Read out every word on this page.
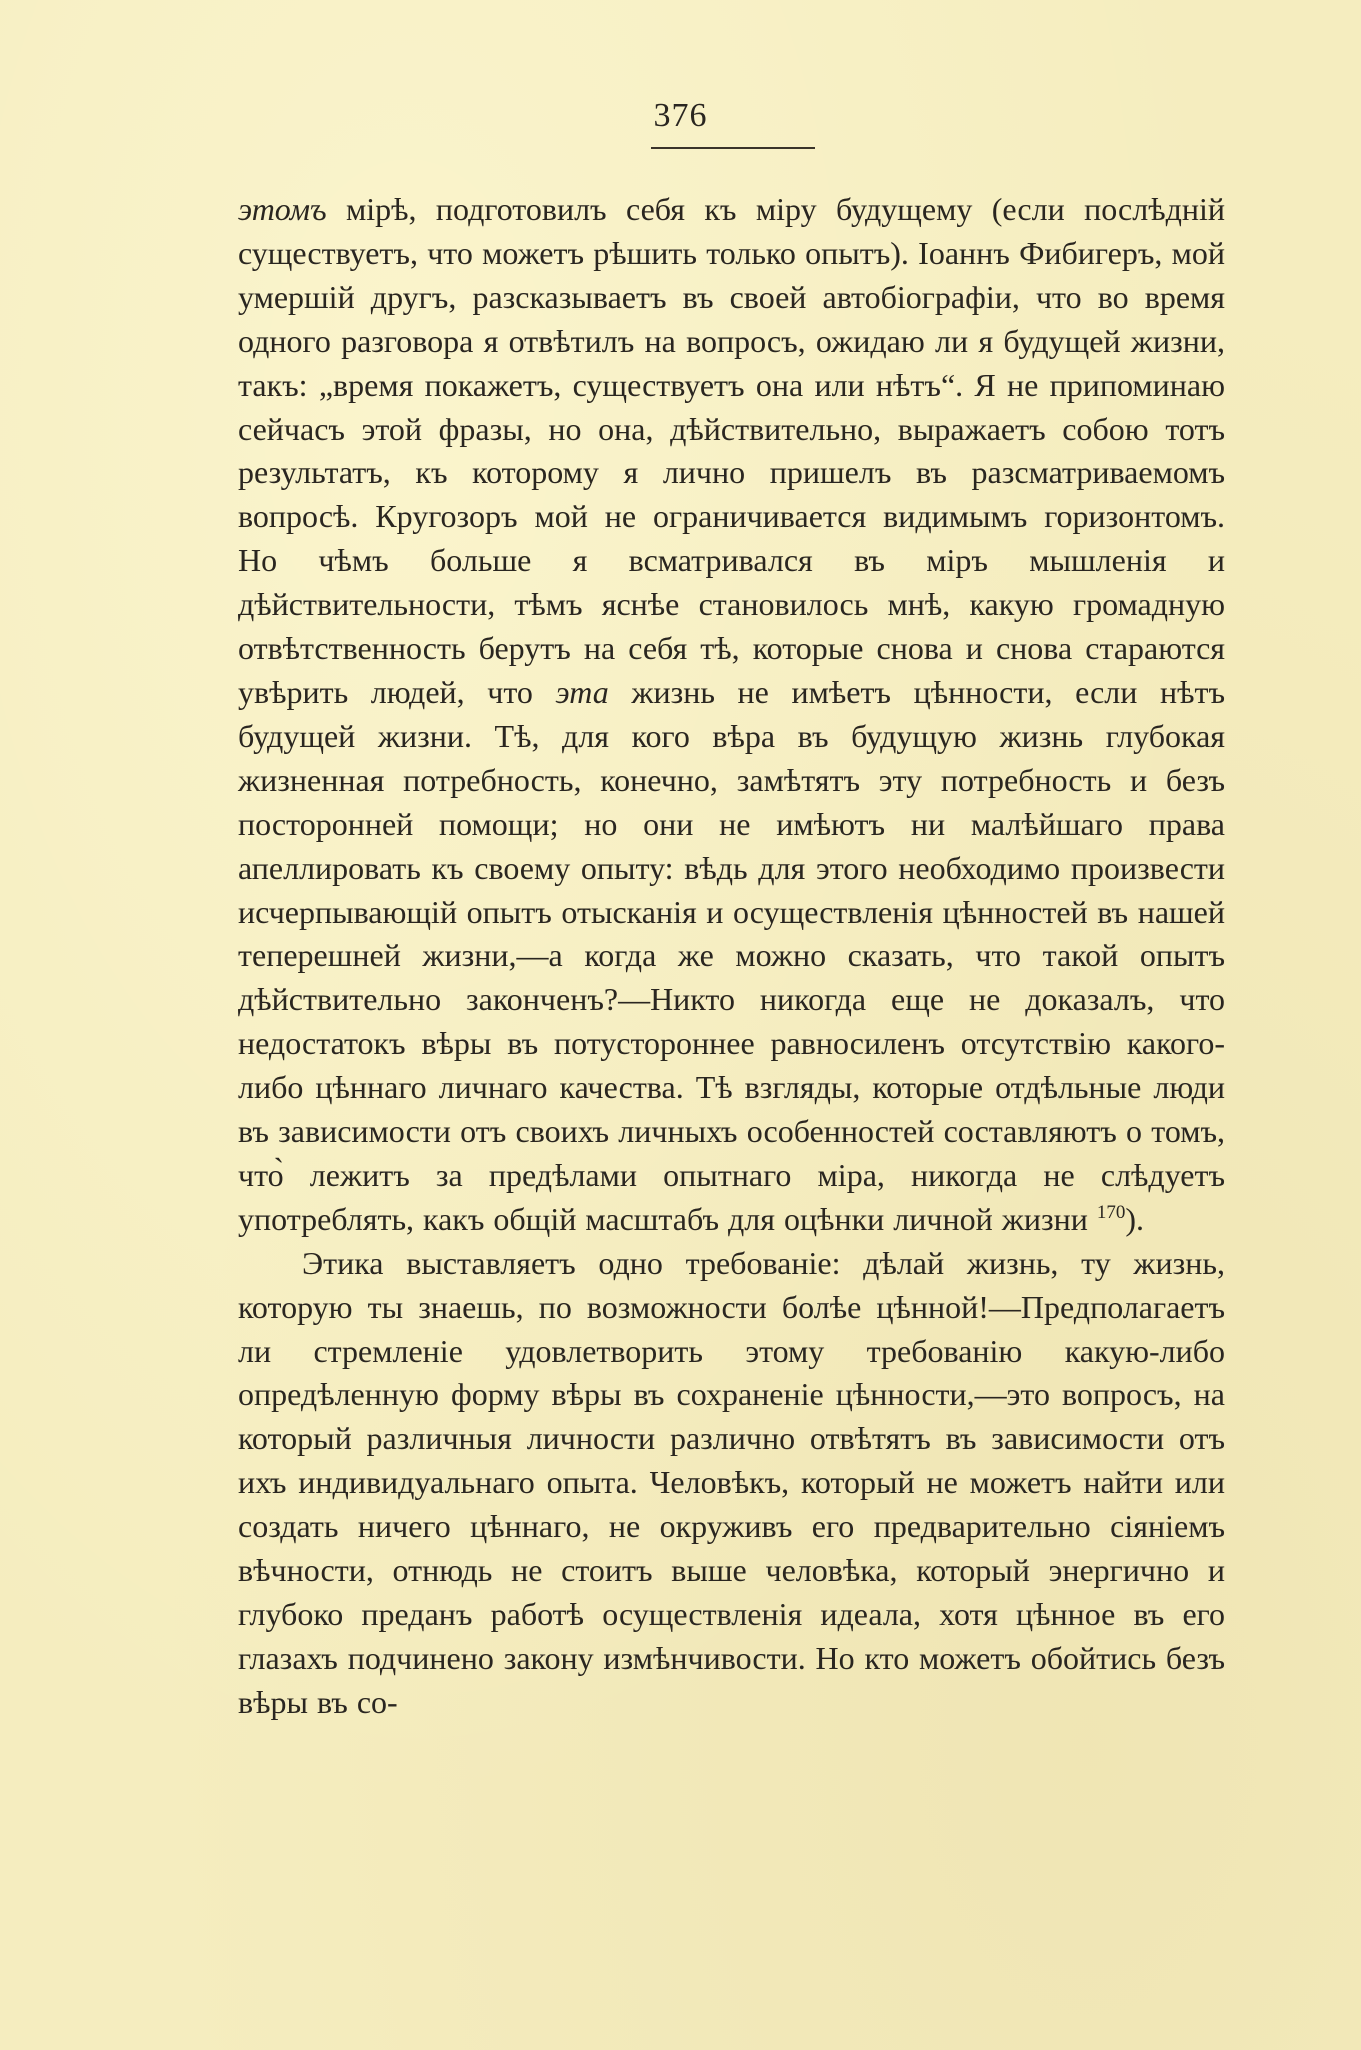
376

этомъ мірѣ, подготовилъ себя къ міру будущему (если послѣдній существуетъ, что можетъ рѣшить только опытъ). Іоаннъ Фибигеръ, мой умершій другъ, разсказываетъ въ своей автобіографіи, что во время одного разговора я отвѣтилъ на вопросъ, ожидаю ли я будущей жизни, такъ: „время покажетъ, существуетъ она или нѣтъ“. Я не припоминаю сейчасъ этой фразы, но она, дѣйствительно, выражаетъ собою тотъ результатъ, къ которому я лично пришелъ въ разсматриваемомъ вопросѣ. Кругозоръ мой не ограничивается видимымъ горизонтомъ. Но чѣмъ больше я всматривался въ міръ мышленія и дѣйствительности, тѣмъ яснѣе становилось мнѣ, какую громадную отвѣтственность берутъ на себя тѣ, которые снова и снова стараются увѣрить людей, что эта жизнь не имѣетъ цѣнности, если нѣтъ будущей жизни. Тѣ, для кого вѣра въ будущую жизнь глубокая жизненная потребность, конечно, замѣтятъ эту потребность и безъ посторонней помощи; но они не имѣютъ ни малѣйшаго права апеллировать къ своему опыту: вѣдь для этого необходимо произвести исчерпывающій опытъ отысканія и осуществленія цѣнностей въ нашей теперешней жизни,—а когда же можно сказать, что такой опытъ дѣйствительно законченъ?—Никто никогда еще не доказалъ, что недостатокъ вѣры въ потустороннее равносиленъ отсутствію какого-либо цѣннаго личнаго качества. Тѣ взгляды, которые отдѣльные люди въ зависимости отъ своихъ личныхъ особенностей составляютъ о томъ, что̀ лежитъ за предѣлами опытнаго міра, никогда не слѣдуетъ употреблять, какъ общій масштабъ для оцѣнки личной жизни $^{170}$).

Этика выставляетъ одно требованіе: дѣлай жизнь, ту жизнь, которую ты знаешь, по возможности болѣе цѣнной!—Предполагаетъ ли стремленіе удовлетворить этому требованію какую-либо опредѣленную форму вѣры въ сохраненіе цѣнности,—это вопросъ, на который различныя личности различно отвѣтятъ въ зависимости отъ ихъ индивидуальнаго опыта. Человѣкъ, который не можетъ найти или создать ничего цѣннаго, не окруживъ его предварительно сіяніемъ вѣчности, отнюдь не стоитъ выше человѣка, который энергично и глубоко преданъ работѣ осуществленія идеала, хотя цѣнное въ его глазахъ подчинено закону измѣнчивости. Но кто можетъ обойтись безъ вѣры въ со-
